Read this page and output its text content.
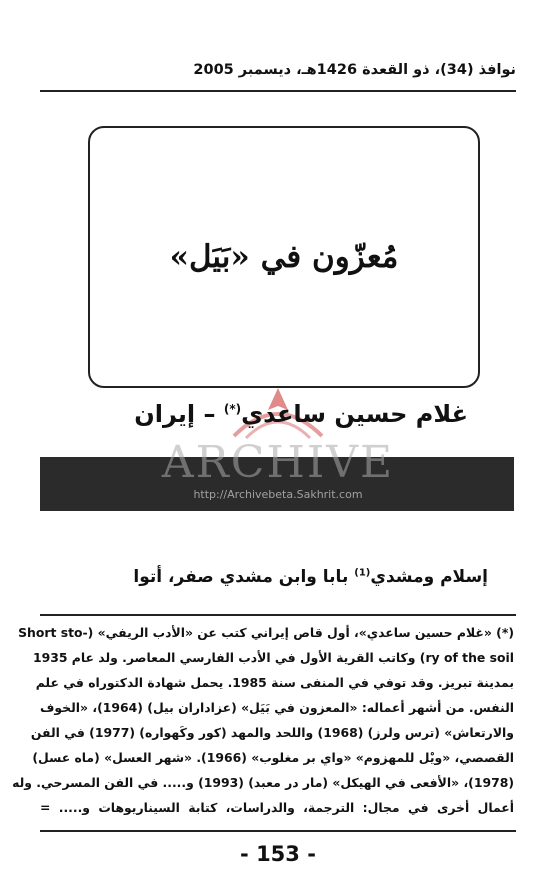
نوافذ (34)، ذو القعدة 1426هـ، ديسمبر 2005
مُعزّون في «بَيَل»
غلام حسين ساعدي(*) – إيران
ARCHIVE
http://Archivebeta.Sakhrit.com
إسلام ومشدي$^{(1)}$ بابا وابن مشدي صفر، أتوا
(*) «غلام حسين ساعدي»، أول قاص إيراني كتب عن «الأدب الريفي» (-Short sto
ry of the soil) وكاتب القرية الأول في الأدب الفارسي المعاصر. ولد عام 1935
بمدينة تبريز. وقد توفي في المنفى سنة 1985. يحمل شهادة الدكتوراه في علم
النفس. من أشهر أعماله: «المعزون في بَيَل» (عزاداران بيل) (1964)، «الخوف
والارتعاش» (ترس ولرز) (1968) واللحد والمهد (كور وكَهواره) (1977) في الفن
القصصي، «ويْل للمهزوم» «واي بر مغلوب» (1966). «شهر العسل» (ماه عسل)
(1978)، «الأفعى في الهيكل» (مار در معبد) (1993) و..... في الفن المسرحي. وله
أعمال أخرى في مجال: الترجمة، والدراسات، كتابة السيناريوهات و..... =
- 153 -
